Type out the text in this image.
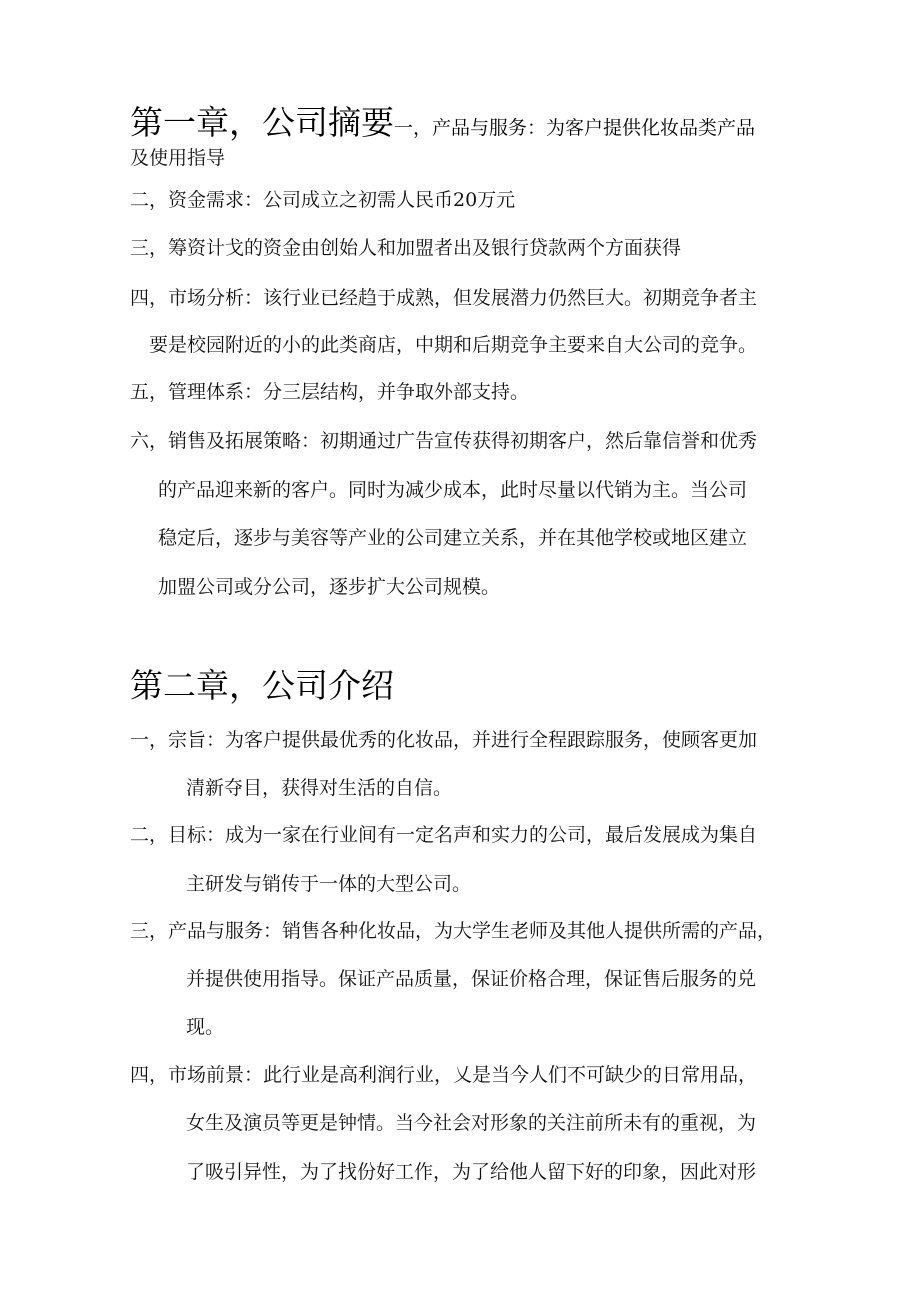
第一章，公司摘要一，产品与服务：为客户提供化妆品类产品
及使用指导
二，资金需求：公司成立之初需人民币20万元
三，筹资计戈的资金由创始人和加盟者出及银行贷款两个方面获得
四，市场分析：该行业已经趋于成熟，但发展潜力仍然巨大。初期竞争者主
要是校园附近的小的此类商店，中期和后期竞争主要来自大公司的竞争。
五，管理体系：分三层结构，并争取外部支持。
六，销售及拓展策略：初期通过广告宣传获得初期客户，然后靠信誉和优秀
的产品迎来新的客户。同时为减少成本，此时尽量以代销为主。当公司
稳定后，逐步与美容等产业的公司建立关系，并在其他学校或地区建立
加盟公司或分公司，逐步扩大公司规模。
第二章，公司介绍
一，宗旨：为客户提供最优秀的化妆品，并进行全程跟踪服务，使顾客更加
清新夺目，获得对生活的自信。
二，目标：成为一家在行业间有一定名声和实力的公司，最后发展成为集自
主研发与销传于一体的大型公司。
三，产品与服务：销售各种化妆品，为大学生老师及其他人提供所需的产品，
并提供使用指导。保证产品质量，保证价格合理，保证售后服务的兑
现。
四，市场前景：此行业是高利润行业，乂是当今人们不可缺少的日常用品，
女生及演员等更是钟情。当今社会对形象的关注前所未有的重视，为
了吸引异性，为了找份好工作，为了给他人留下好的印象，因此对形
